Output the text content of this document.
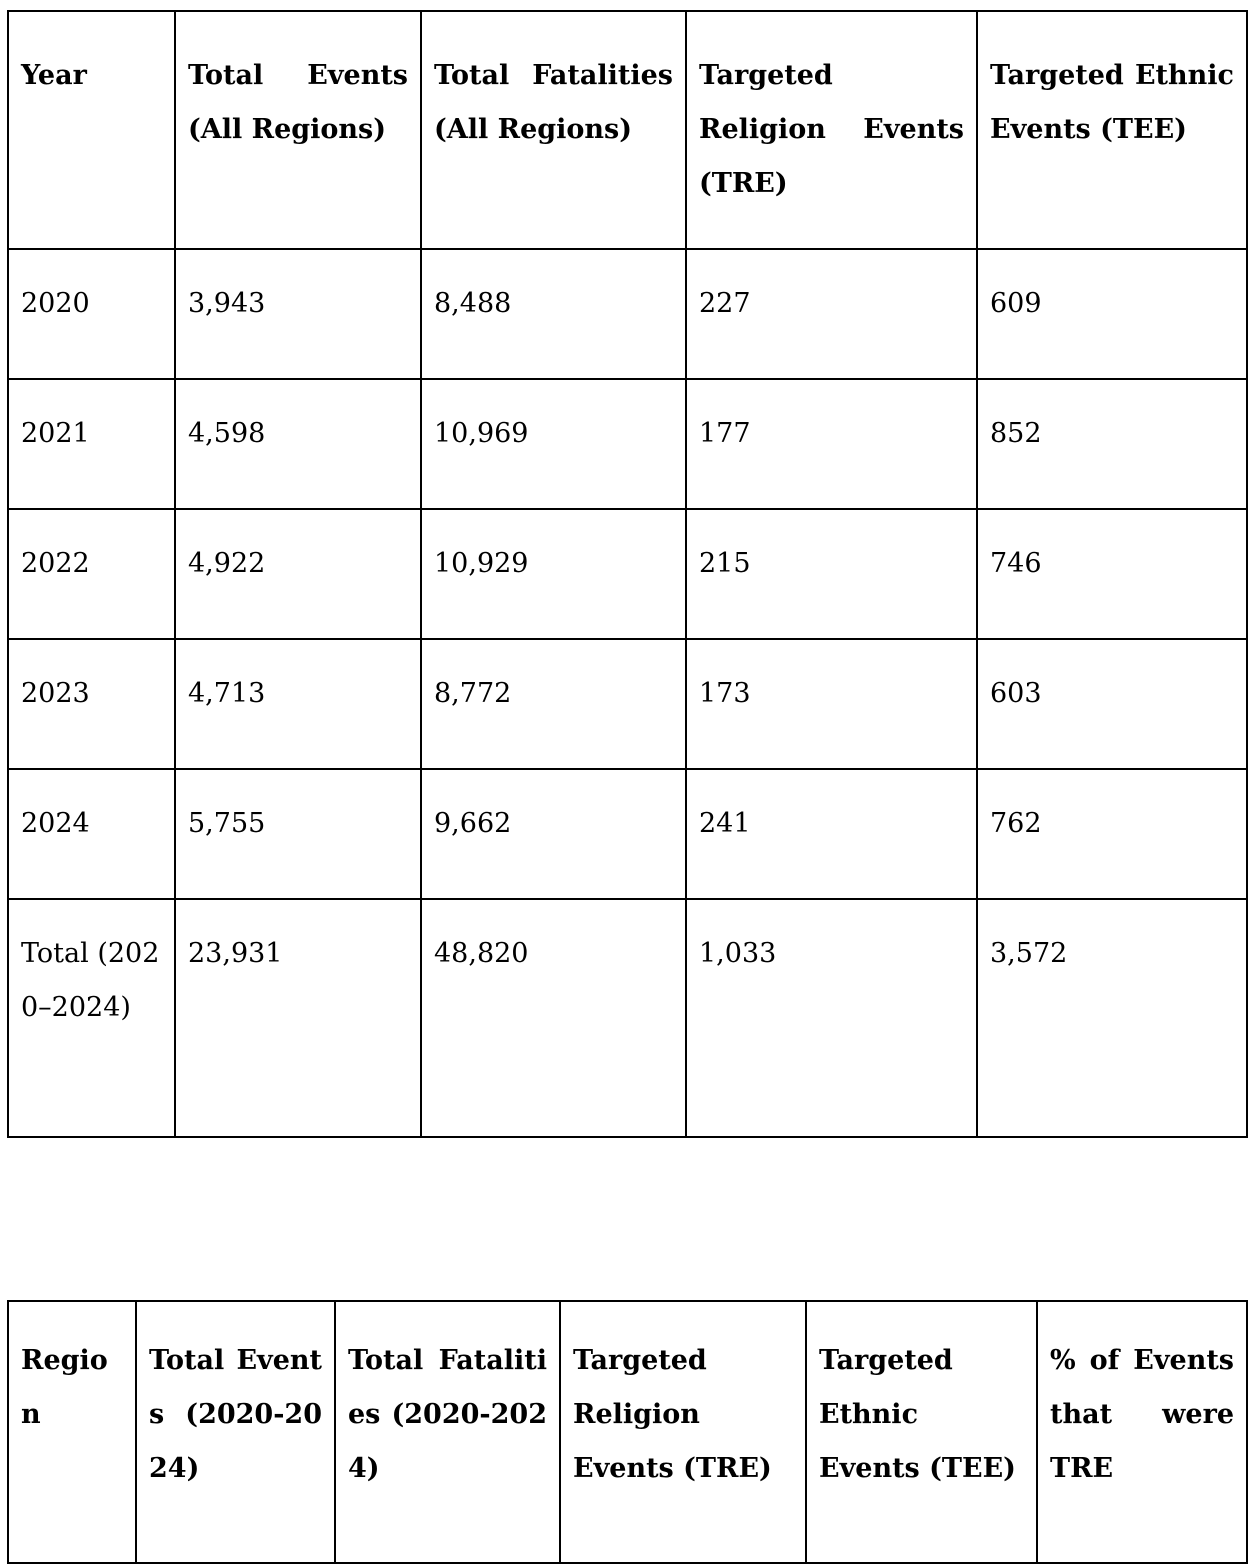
Year	Total Events (All Regions)	Total Fatalities (All Regions)	Targeted Religion Events (TRE)	Targeted Ethnic Events (TEE)
2020	3,943	8,488	227	609
2021	4,598	10,969	177	852
2022	4,922	10,929	215	746
2023	4,713	8,772	173	603
2024	5,755	9,662	241	762
Total (2020–2024)	23,931	48,820	1,033	3,572
Region	Total Events (2020-2024)	Total Fatalities (2020-2024)	Targeted Religion Events (TRE)	Targeted Ethnic Events (TEE)	% of Events that were TRE
